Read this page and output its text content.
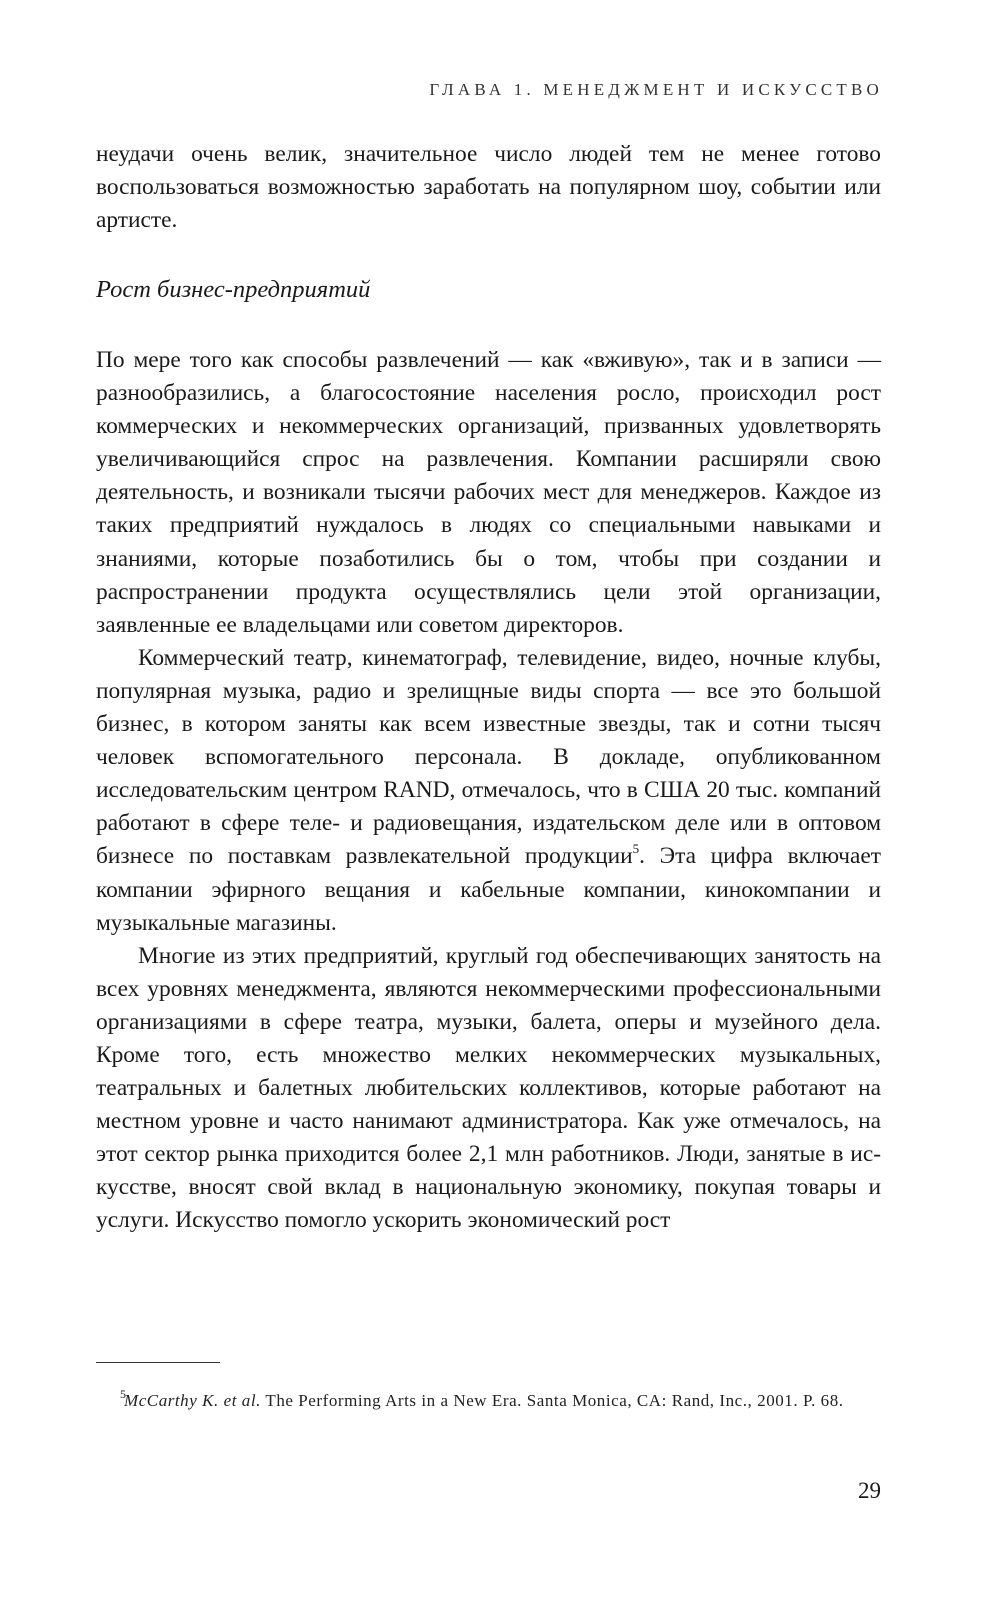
ГЛАВА 1. МЕНЕДЖМЕНТ И ИСКУССТВО

неудачи очень велик, значительное число людей тем не менее готово воспользоваться возможностью заработать на популярном шоу, событии или артисте.

Рост бизнес-предприятий

По мере того как способы развлечений — как «вживую», так и в записи — разнообразились, а благосостояние населения росло, происходил рост коммерческих и некоммерческих организаций, призванных удовлетворять увеличивающийся спрос на развлечения. Компании расширяли свою деятельность, и возникали тысячи рабочих мест для менеджеров. Каждое из таких предприятий нуждалось в людях со специальными навыками и знаниями, которые позаботились бы о том, чтобы при создании и распространении продукта осуществлялись цели этой организации, заявленные ее владельцами или советом директоров.

Коммерческий театр, кинематограф, телевидение, видео, ночные клубы, популярная музыка, радио и зрелищные виды спорта — все это большой бизнес, в котором заняты как всем известные звезды, так и сотни тысяч человек вспомогательного персонала. В докладе, опубликованном исследовательским центром RAND, отмечалось, что в США 20 тыс. компаний работают в сфере теле- и радиовещания, издательском деле или в оптовом бизнесе по поставкам развлекательной продукции$^5$. Эта цифра включает компании эфирного вещания и кабельные компании, кинокомпании и музыкальные магазины.

Многие из этих предприятий, круглый год обеспечивающих занятость на всех уровнях менеджмента, являются некоммерческими профессиональными организациями в сфере театра, музыки, балета, оперы и музейного дела. Кроме того, есть множество мелких некоммерческих музыкальных, театральных и балетных любительских коллективов, которые работают на местном уровне и часто нанимают администратора. Как уже отмечалось, на этот сектор рынка приходится более 2,1 млн работников. Люди, занятые в искусстве, вносят свой вклад в национальную экономику, покупая товары и услуги. Искусство помогло ускорить экономический рост

5
McCarthy K. et al. The Performing Arts in a New Era. Santa Monica, CA: Rand, Inc., 2001. P. 68.
29
